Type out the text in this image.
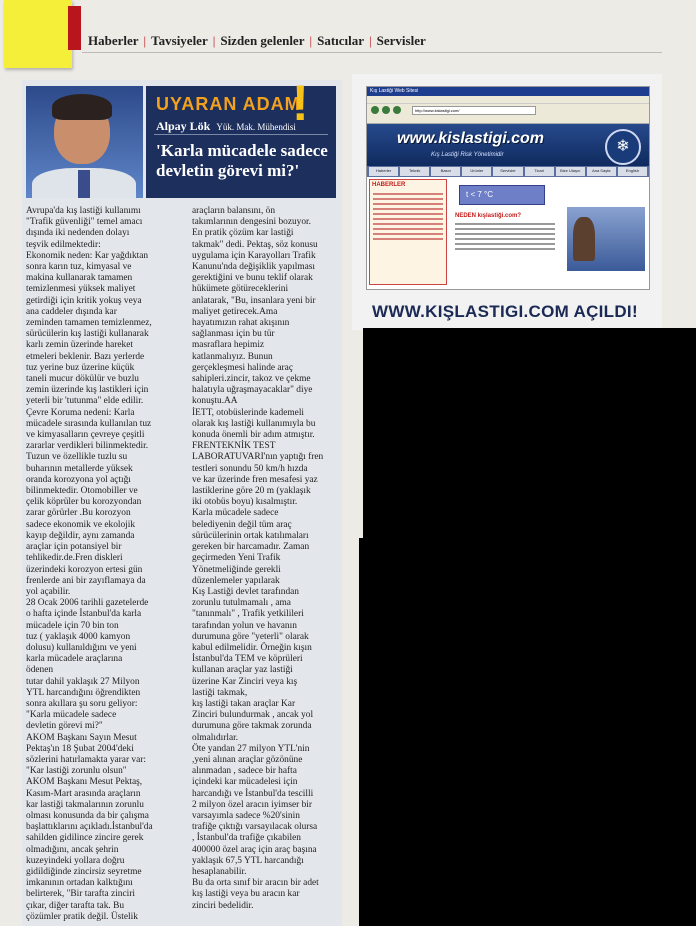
Haberler | Tavsiyeler | Sizden gelenler | Satıcılar | Servisler
UYARAN ADAM
!
Alpay Lök Yük. Mak. Mühendisi
'Karla mücadele sadece devletin görevi mi?'
Avrupa'da kış lastiği kullanımı
"Trafik güvenliği" temel amacı
dışında iki nedenden dolayı
teşvik edilmektedir:
Ekonomik neden: Kar yağdıktan
sonra karın tuz, kimyasal ve
makina kullanarak tamamen
temizlenmesi yüksek maliyet
getirdiği için kritik yokuş veya
ana caddeler dışında kar
zeminden tamamen temizlenmez,
sürücülerin kış lastiği kullanarak
karlı zemin üzerinde hareket
etmeleri beklenir. Bazı yerlerde
tuz yerine buz üzerine küçük
taneli mucur dökülür ve buzlu
zemin üzerinde kış lastikleri için
yeterli bir 'tutunma" elde edilir.
Çevre Koruma nedeni: Karla
mücadele sırasında kullanılan tuz
ve kimyasalların çevreye çeşitli
zararlar verdikleri bilinmektedir.
Tuzun ve özellikle tuzlu su
buharının metallerde yüksek
oranda korozyona yol açtığı
bilinmektedir. Otomobiller ve
çelik köprüler bu korozyondan
zarar görürler .Bu korozyon
sadece ekonomik ve ekolojik
kayıp değildir, aynı zamanda
araçlar için potansiyel bir
tehlikedir.de.Fren diskleri
üzerindeki korozyon ertesi gün
frenlerde ani bir zayıflamaya da
yol açabilir.
28 Ocak 2006 tarihli gazetelerde
o hafta içinde İstanbul'da karla
mücadele için 70 bin ton
tuz ( yaklaşık 4000 kamyon
dolusu) kullanıldığını ve yeni
karla mücadele araçlarına
ödenen
tutar dahil yaklaşık 27 Milyon
YTL harcandığını öğrendikten
sonra akıllara şu soru geliyor:
"Karla mücadele sadece
devletin görevi mi?"
AKOM Başkanı Sayın Mesut
Pektaş'ın 18 Şubat 2004'deki
sözlerini hatırlamakta yarar var:
"Kar lastiği zorunlu olsun"
AKOM Başkanı Mesut Pektaş,
Kasım-Mart arasında araçların
kar lastiği takmalarının zorunlu
olması konusunda da bir çalışma
başlattıklarını açıkladı.İstanbul'da
sahilden gidilince zincire gerek
olmadığını, ancak şehrin
kuzeyindeki yollara doğru
gidildiğinde zincirsiz seyretme
imkanının ortadan kalktığını
belirterek, "Bir tarafta zinciri
çıkar, diğer tarafta tak. Bu
çözümler pratik değil. Üstelik
araçların balansını, ön
takımlarının dengesini bozuyor.
En pratik çözüm kar lastiği
takmak" dedi. Pektaş, söz konusu
uygulama için Karayolları Trafik
Kanunu'nda değişiklik yapılması
gerektiğini ve bunu teklif olarak
hükümete götüreceklerini
anlatarak, "Bu, insanlara yeni bir
maliyet getirecek.Ama
hayatımızın rahat akışının
sağlanması için bu tür
masraflara hepimiz
katlanmalıyız. Bunun
gerçekleşmesi halinde araç
sahipleri.zincir, takoz ve çekme
halatıyla uğraşmayacaklar" diye
konuştu.AA
İETT, otobüslerinde kademeli
olarak kış lastiği kullanımıyla bu
konuda önemli bir adım atmıştır.
FRENTEKNİK TEST
LABORATUVARI'nın yaptığı fren
testleri sonundu 50 km/h hızda
ve kar üzerinde fren mesafesi yaz
lastiklerine göre 20 m (yaklaşık
iki otobüs boyu) kısalmıştır.
Karla mücadele sadece
belediyenin değil tüm araç
sürücülerinin ortak katılımaları
gereken bir harcamadır. Zaman
geçirmeden Yeni Trafik
Yönetmeliğinde gerekli
düzenlemeler yapılarak
Kış Lastiği devlet tarafından
zorunlu tutulmamalı , ama
"tanınmalı" , Trafik yetkilileri
tarafından yolun ve havanın
durumuna göre "yeterli" olarak
kabul edilmelidir. Örneğin kışın
İstanbul'da TEM ve köprüleri
kullanan araçlar yaz lastiği
üzerine Kar Zinciri veya kış
lastiği takmak,
kış lastiği takan araçlar Kar
Zinciri bulundurmak , ancak yol
durumuna göre takmak zorunda
olmalıdırlar.
Öte yandan 27 milyon YTL'nin
,yeni alınan araçlar gözönüne
alınmadan , sadece bir hafta
içindeki kar mücadelesi için
harcandığı ve İstanbul'da tescilli
2 milyon özel aracın iyimser bir
varsayımla sadece %20'sinin
trafiğe çıktığı varsayılacak olursa
, İstanbul'da trafiğe çıkabilen
400000 özel araç için araç başına
yaklaşık 67,5 YTL harcandığı
hesaplanabilir.
Bu da orta sınıf bir aracın bir adet
kış lastiği veya bu aracın kar
zinciri bedelidir.
Kış Lastiği Web Sitesi
http://www.kislastigi.com/
www.kislastigi.com
Kış Lastiği Risk Yönetimidir	❄
Haberler	Teknik	Basın	Ürünler	Servisler	Ticari	Bize Ulaşın	Ana Sayfa	English
HABERLER
t < 7 °C
NEDEN kışlastiği.com?
WWW.KIŞLASTIGI.COM AÇILDI!
